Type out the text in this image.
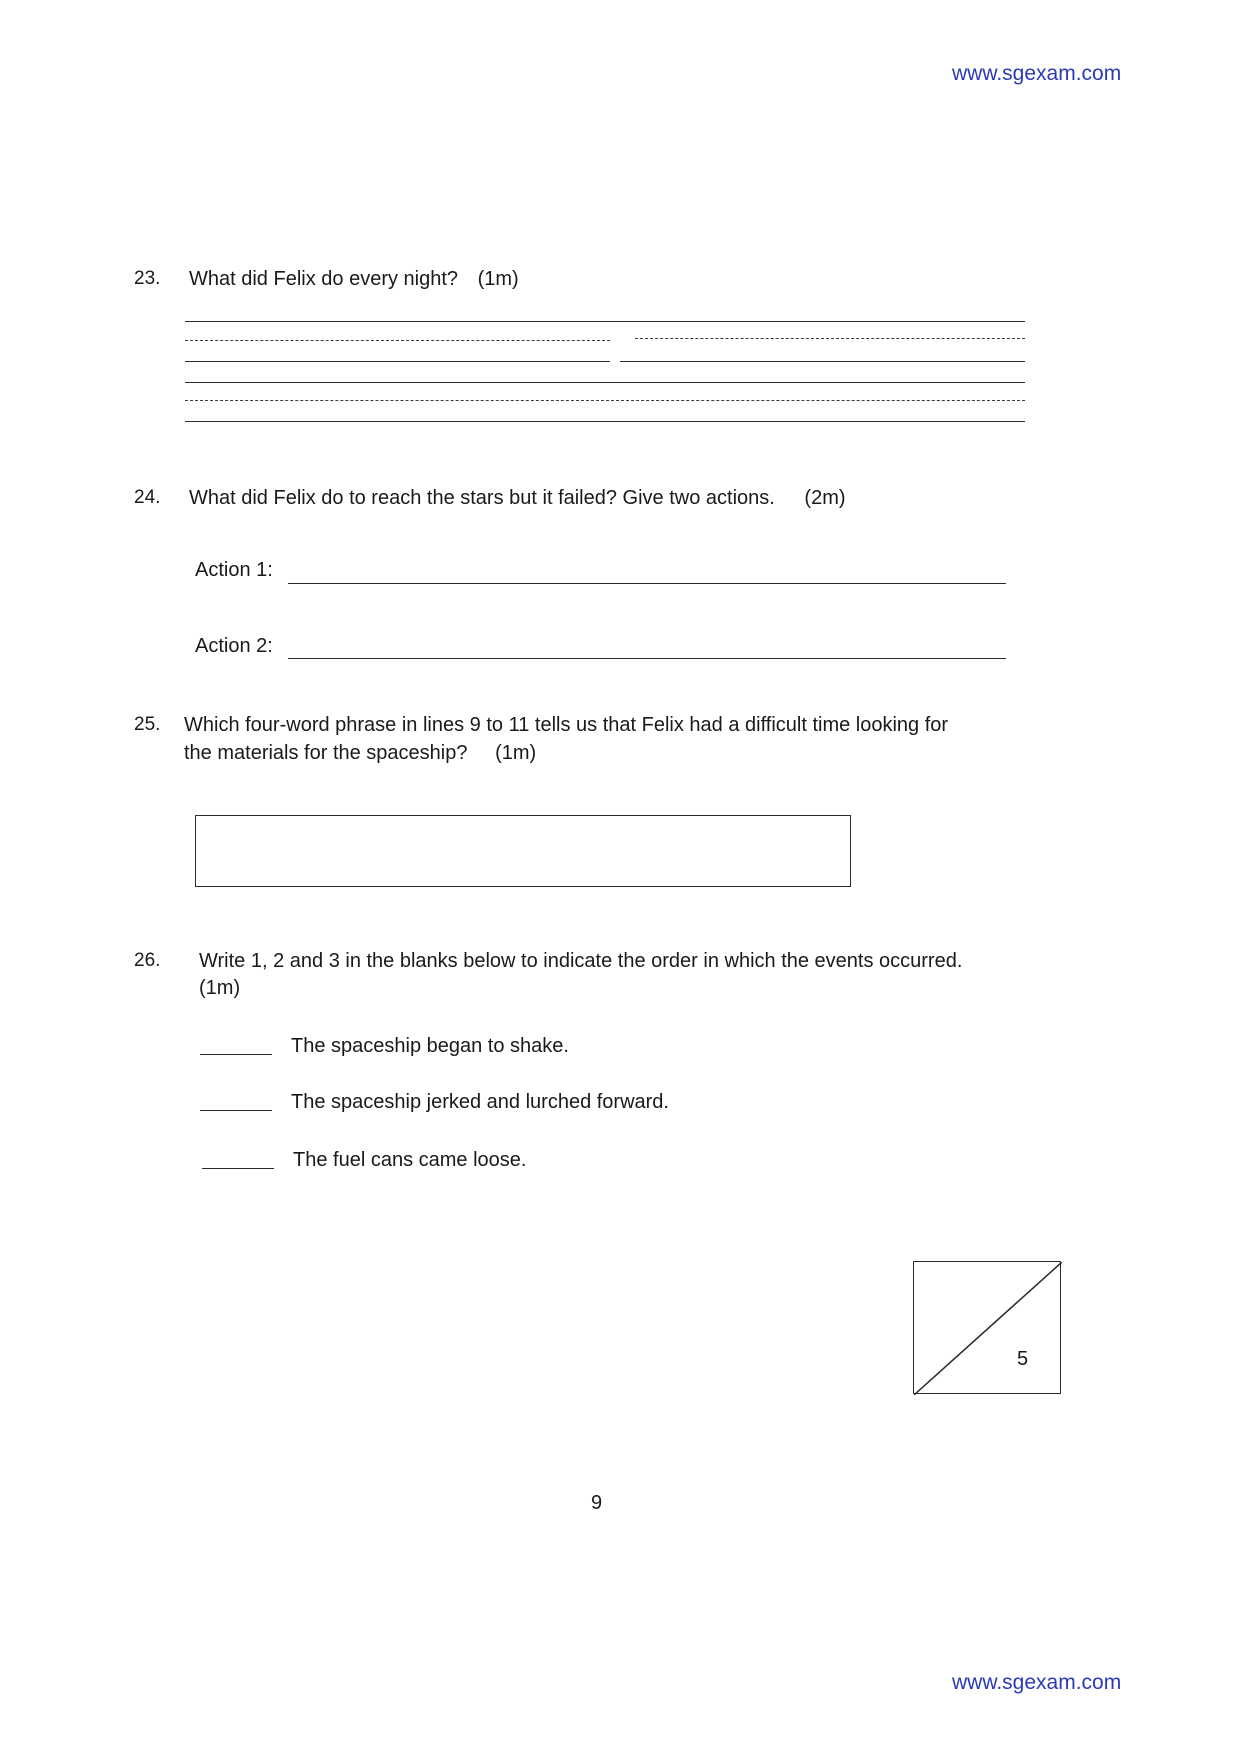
www.sgexam.com
23. What did Felix do every night? (1m)
24. What did Felix do to reach the stars but it failed? Give two actions. (2m)
Action 1:
Action 2:
25. Which four-word phrase in lines 9 to 11 tells us that Felix had a difficult time looking for
the materials for the spaceship? (1m)
26. Write 1, 2 and 3 in the blanks below to indicate the order in which the events occurred.
(1m)
The spaceship began to shake.
The spaceship jerked and lurched forward.
The fuel cans came loose.
5
9
www.sgexam.com
